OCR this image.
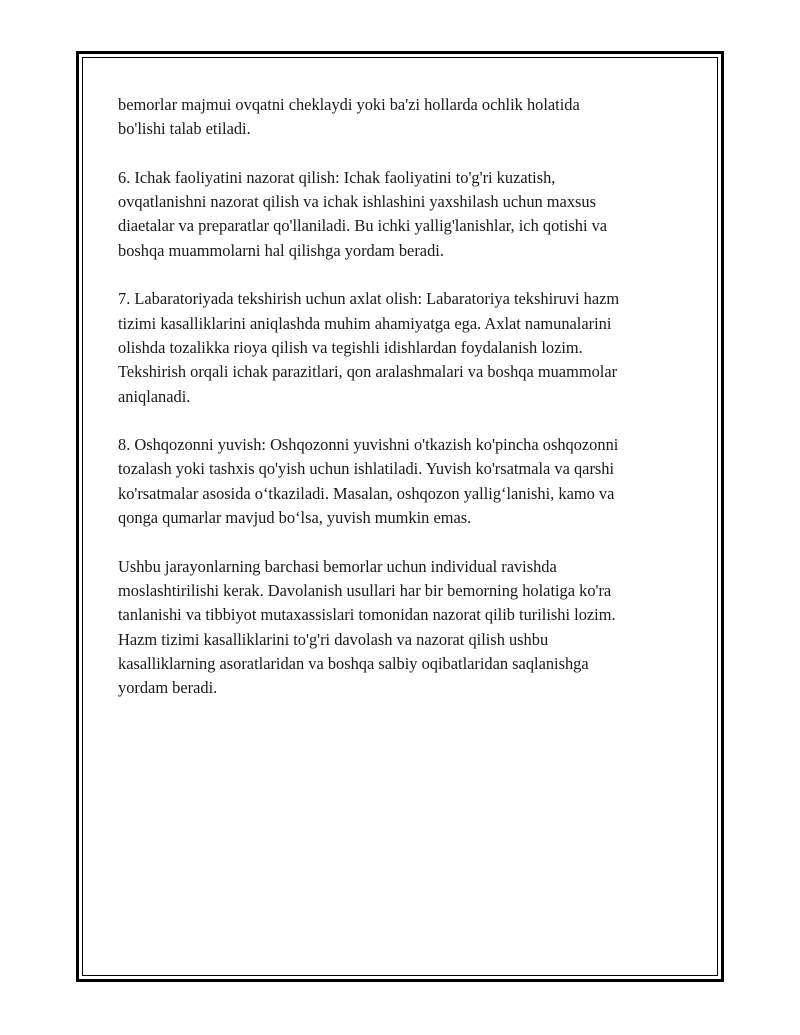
bemorlar majmui ovqatni cheklaydi yoki ba'zi hollarda ochlik holatida
bo'lishi talab etiladi.

6. Ichak faoliyatini nazorat qilish: Ichak faoliyatini to'g'ri kuzatish,
ovqatlanishni nazorat qilish va ichak ishlashini yaxshilash uchun maxsus
diaetalar va preparatlar qo'llaniladi. Bu ichki yallig'lanishlar, ich qotishi va
boshqa muammolarni hal qilishga yordam beradi.

7. Labaratoriyada tekshirish uchun axlat olish: Labaratoriya tekshiruvi hazm
tizimi kasalliklarini aniqlashda muhim ahamiyatga ega. Axlat namunalarini
olishda tozalikka rioya qilish va tegishli idishlardan foydalanish lozim.
Tekshirish orqali ichak parazitlari, qon aralashmalari va boshqa muammolar
aniqlanadi.

8. Oshqozonni yuvish: Oshqozonni yuvishni o'tkazish ko'pincha oshqozonni
tozalash yoki tashxis qo'yish uchun ishlatiladi. Yuvish ko'rsatmala va qarshi
ko'rsatmalar asosida o‘tkaziladi. Masalan, oshqozon yallig‘lanishi, kamo va
qonga qumarlar mavjud bo‘lsa, yuvish mumkin emas.

Ushbu jarayonlarning barchasi bemorlar uchun individual ravishda
moslashtirilishi kerak. Davolanish usullari har bir bemorning holatiga ko'ra
tanlanishi va tibbiyot mutaxassislari tomonidan nazorat qilib turilishi lozim.
Hazm tizimi kasalliklarini to'g'ri davolash va nazorat qilish ushbu
kasalliklarning asoratlaridan va boshqa salbiy oqibatlaridan saqlanishga
yordam beradi.
